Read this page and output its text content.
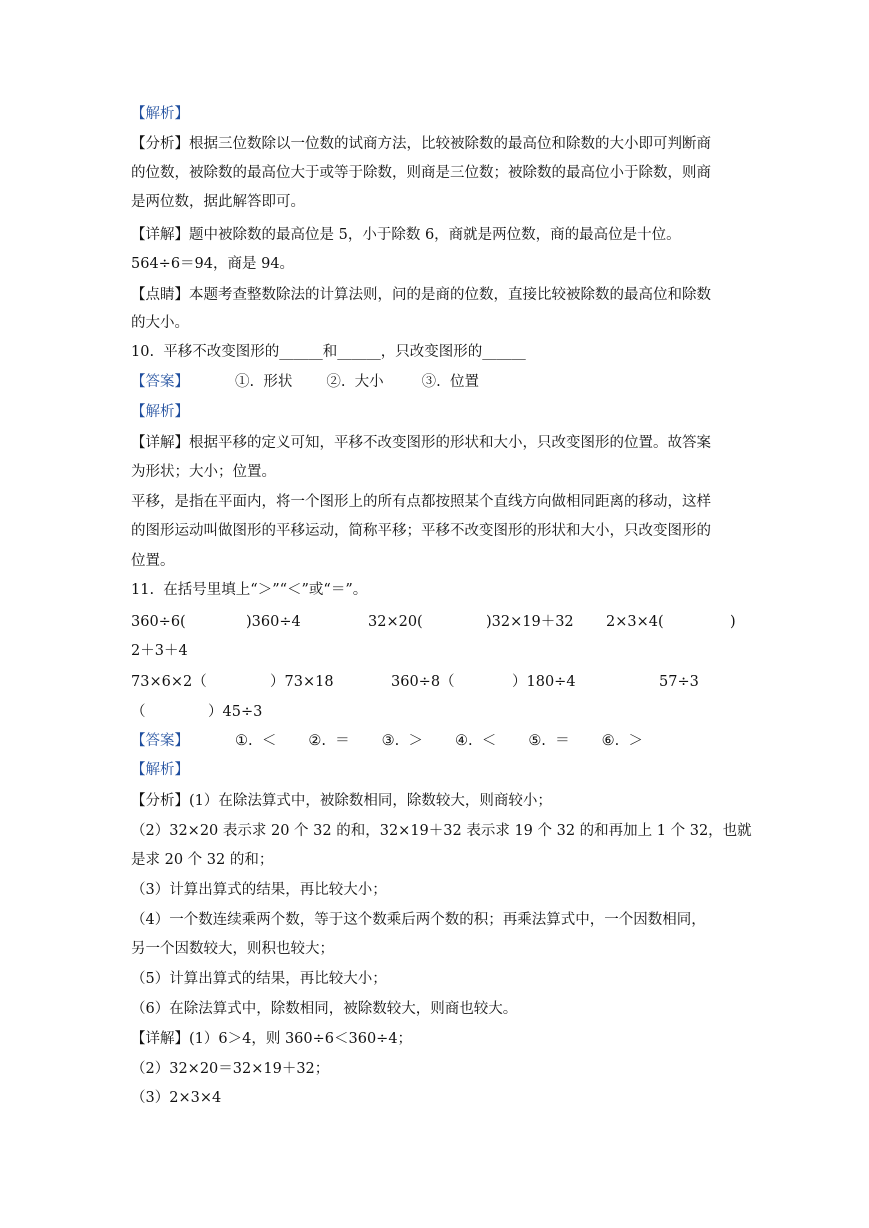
【解析】
【分析】根据三位数除以一位数的试商方法，比较被除数的最高位和除数的大小即可判断商
的位数，被除数的最高位大于或等于除数，则商是三位数；被除数的最高位小于除数，则商
是两位数，据此解答即可。
【详解】题中被除数的最高位是 5，小于除数 6，商就是两位数，商的最高位是十位。
564÷6＝94，商是 94。
【点睛】本题考查整数除法的计算法则，问的是商的位数，直接比较被除数的最高位和除数
的大小。
10.  平移不改变图形的______和______，只改变图形的______
【答案】	①.  形状 ②.  大小	③.  位置
【解析】
【详解】根据平移的定义可知，平移不改变图形的形状和大小，只改变图形的位置。故答案
为形状；大小；位置。
平移，是指在平面内，将一个图形上的所有点都按照某个直线方向做相同距离的移动，这样
的图形运动叫做图形的平移运动，简称平移；平移不改变图形的形状和大小，只改变图形的
位置。
11.  在括号里填上“＞”“＜”或“＝”。
360÷6(	)360÷4	32×20(	)32×19＋32 2×3×4(	)
2＋3＋4
73×6×2（	）73×18	360÷8（	）180÷4	57÷3
（	）45÷3
【答案】	①.  ＜ ②.  ＝ ③.  ＞ ④.  ＜ ⑤.  ＝ ⑥.  ＞
【解析】
【分析】(1）在除法算式中，被除数相同，除数较大，则商较小；
（2）32×20 表示求 20 个 32 的和，32×19＋32 表示求 19 个 32 的和再加上 1 个 32，也就
是求 20 个 32 的和；
（3）计算出算式的结果，再比较大小；
（4）一个数连续乘两个数，等于这个数乘后两个数的积；再乘法算式中，一个因数相同，
另一个因数较大，则积也较大；
（5）计算出算式的结果，再比较大小；
（6）在除法算式中，除数相同，被除数较大，则商也较大。
【详解】(1）6＞4，则 360÷6＜360÷4；
（2）32×20＝32×19＋32；
（3）2×3×4
